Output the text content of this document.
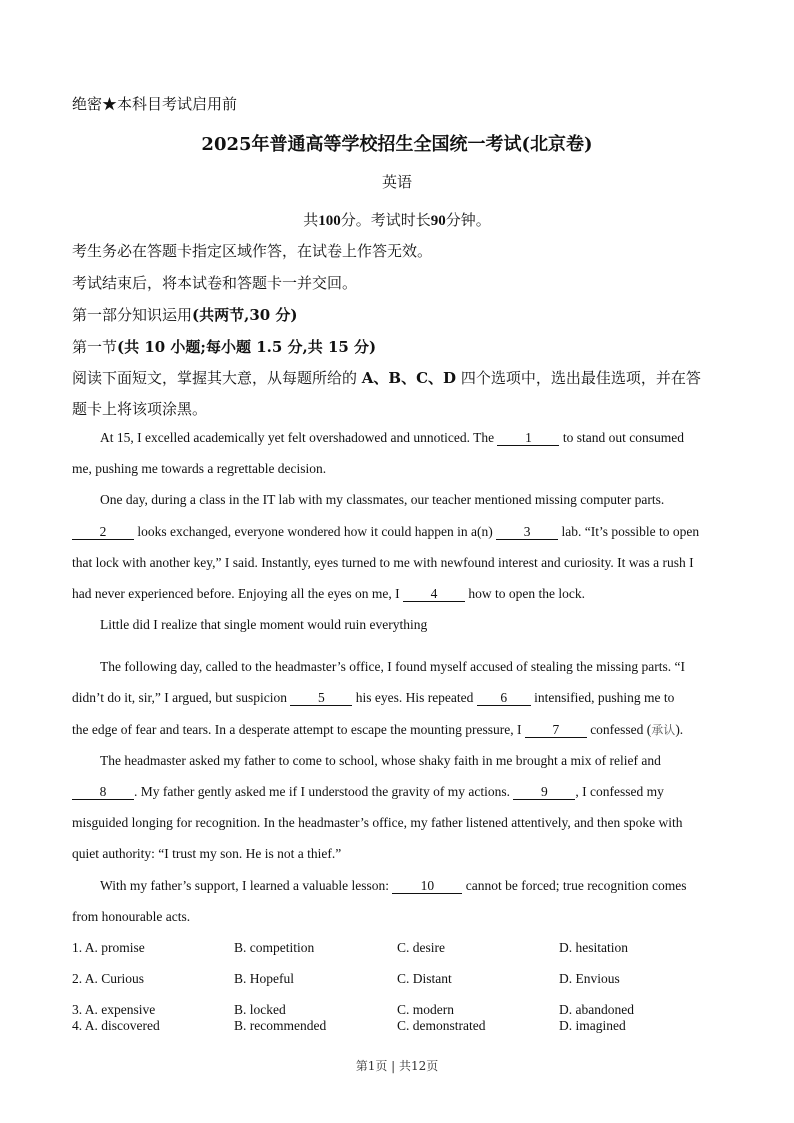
绝密★本科目考试启用前
2025年普通高等学校招生全国统一考试(北京卷)
英语
共100分。考试时长90分钟。
考生务必在答题卡指定区域作答，在试卷上作答无效。
考试结束后，将本试卷和答题卡一并交回。
第一部分知识运用(共两节,30 分)
第一节(共 10 小题;每小题 1.5 分,共 15 分)
阅读下面短文，掌握其大意，从每题所给的 A、B、C、D 四个选项中，选出最佳选项，并在答
题卡上将该项涂黑。
At 15, I excelled academically yet felt overshadowed and unnoticed. The 1 to stand out consumed
me, pushing me towards a regrettable decision.
One day, during a class in the IT lab with my classmates, our teacher mentioned missing computer parts.
2 looks exchanged, everyone wondered how it could happen in a(n) 3 lab. “It’s possible to open
that lock with another key,” I said. Instantly, eyes turned to me with newfound interest and curiosity. It was a rush I
had never experienced before. Enjoying all the eyes on me, I 4 how to open the lock.
Little did I realize that single moment would ruin everything
The following day, called to the headmaster’s office, I found myself accused of stealing the missing parts. “I
didn’t do it, sir,” I argued, but suspicion 5 his eyes. His repeated 6 intensified, pushing me to
the edge of fear and tears. In a desperate attempt to escape the mounting pressure, I 7 confessed (承认).
The headmaster asked my father to come to school, whose shaky faith in me brought a mix of relief and
8 . My father gently asked me if I understood the gravity of my actions. 9 , I confessed my
misguided longing for recognition. In the headmaster’s office, my father listened attentively, and then spoke with
quiet authority: “I trust my son. He is not a thief.”
With my father’s support, I learned a valuable lesson: 10 cannot be forced; true recognition comes
from honourable acts.
1. A. promise	B. competition	C. desire	D. hesitation
2. A. Curious	B. Hopeful	C. Distant	D. Envious
3. A. expensive	B. locked	C. modern	D. abandoned
4. A. discovered	B. recommended	C. demonstrated	D. imagined
第1页 | 共12页
